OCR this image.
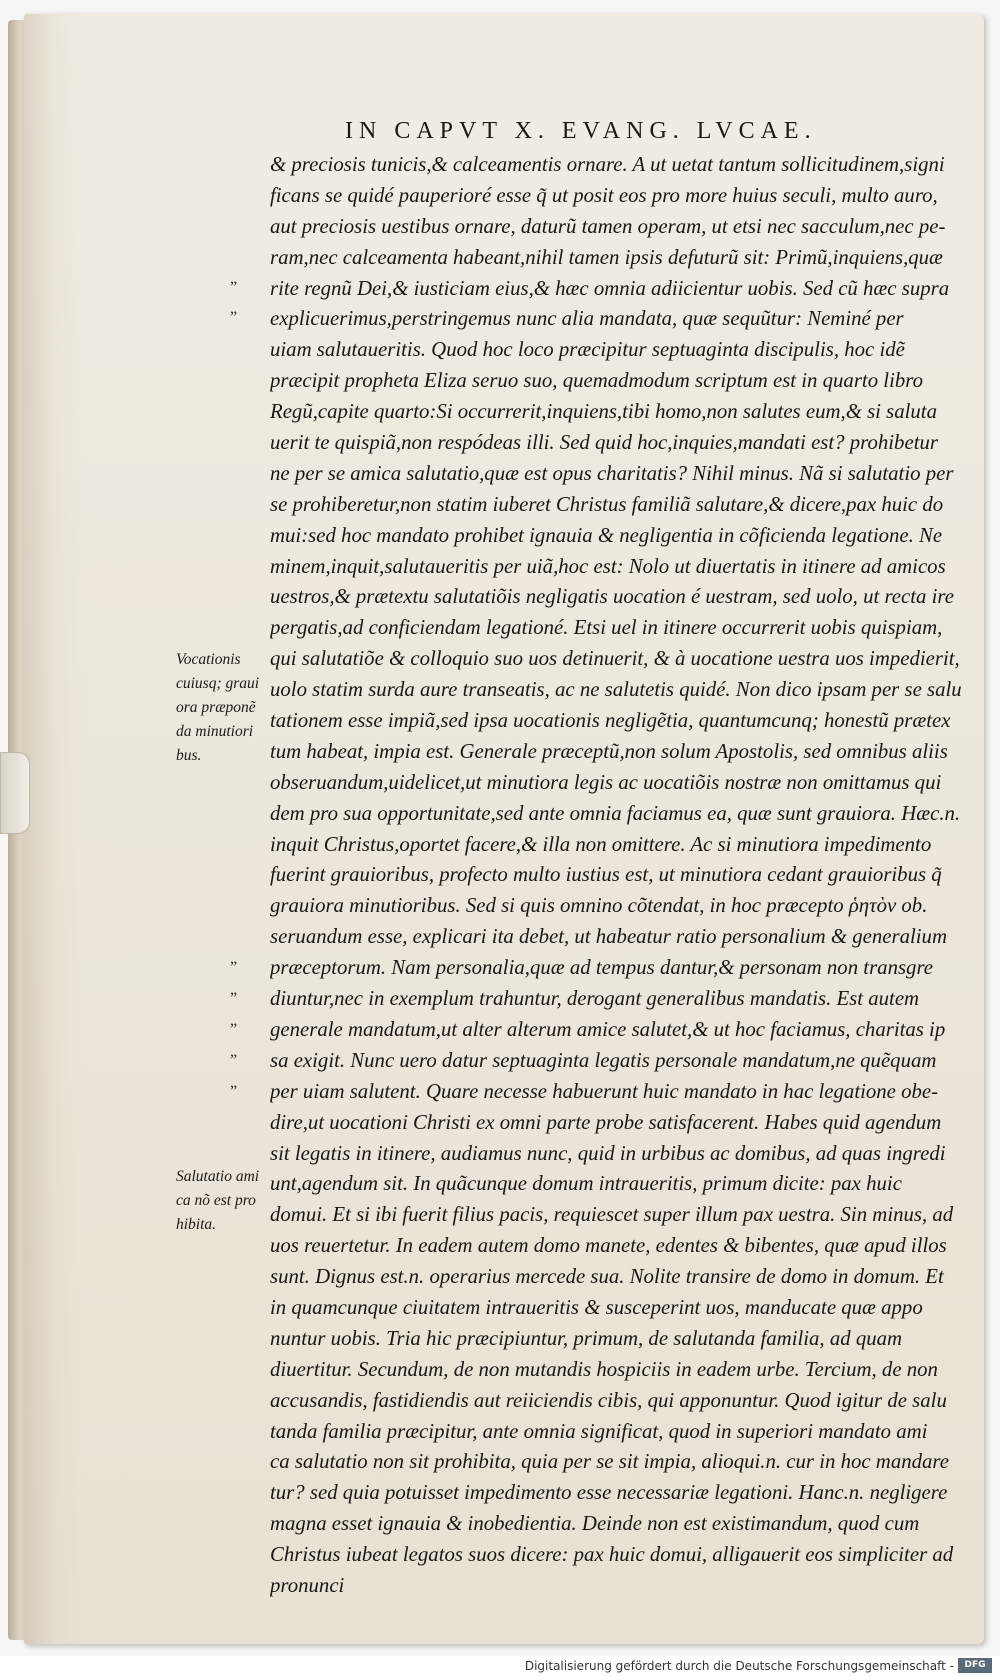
IN CAPVT X. EVANG. LVCAE.
& preciosis tunicis,& calceamentis ornare. A ut uetat tantum sollicitudinem,signi
ficans se quidé pauperioré esse q̃ ut posit eos pro more huius seculi, multo auro,
aut preciosis uestibus ornare, daturũ tamen operam, ut etsi nec sacculum,nec pe-
ram,nec calceamenta habeant,nihil tamen ipsis defuturũ sit: Primũ,inquiens,quæ
rite regnũ Dei,& iusticiam eius,& hæc omnia adiicientur uobis. Sed cũ hæc supra
explicuerimus,perstringemus nunc alia mandata, quæ sequũtur: Neminé per
uiam salutaueritis. Quod hoc loco præcipitur septuaginta discipulis, hoc idẽ
præcipit propheta Eliza seruo suo, quemadmodum scriptum est in quarto libro
Regũ,capite quarto:Si occurrerit,inquiens,tibi homo,non salutes eum,& si saluta
uerit te quispiã,non respódeas illi. Sed quid hoc,inquies,mandati est? prohibetur
ne per se amica salutatio,quæ est opus charitatis? Nihil minus. Nã si salutatio per
se prohiberetur,non statim iuberet Christus familiã salutare,& dicere,pax huic do
mui:sed hoc mandato prohibet ignauia & negligentia in cõficienda legatione. Ne
minem,inquit,salutaueritis per uiã,hoc est: Nolo ut diuertatis in itinere ad amicos
uestros,& prætextu salutatiõis negligatis uocation é uestram, sed uolo, ut recta ire
pergatis,ad conficiendam legationé. Etsi uel in itinere occurrerit uobis quispiam,
qui salutatiõe & colloquio suo uos detinuerit, & à uocatione uestra uos impedierit,
uolo statim surda aure transeatis, ac ne salutetis quidé. Non dico ipsam per se salu
tationem esse impiã,sed ipsa uocationis negligẽtia, quantumcunq; honestũ prætex
tum habeat, impia est. Generale præceptũ,non solum Apostolis, sed omnibus aliis
obseruandum,uidelicet,ut minutiora legis ac uocatiõis nostræ non omittamus qui
dem pro sua opportunitate,sed ante omnia faciamus ea, quæ sunt grauiora. Hæc.n.
inquit Christus,oportet facere,& illa non omittere. Ac si minutiora impedimento
fuerint grauioribus, profecto multo iustius est, ut minutiora cedant grauioribus q̃
grauiora minutioribus. Sed si quis omnino cõtendat, in hoc præcepto ῥητὸν ob.
seruandum esse, explicari ita debet, ut habeatur ratio personalium & generalium
præceptorum. Nam personalia,quæ ad tempus dantur,& personam non transgre
diuntur,nec in exemplum trahuntur, derogant generalibus mandatis. Est autem
generale mandatum,ut alter alterum amice salutet,& ut hoc faciamus, charitas ip
sa exigit. Nunc uero datur septuaginta legatis personale mandatum,ne quẽquam
per uiam salutent. Quare necesse habuerunt huic mandato in hac legatione obe-
dire,ut uocationi Christi ex omni parte probe satisfacerent. Habes quid agendum
sit legatis in itinere, audiamus nunc, quid in urbibus ac domibus, ad quas ingredi
unt,agendum sit. In quãcunque domum intraueritis, primum dicite: pax huic
domui. Et si ibi fuerit filius pacis, requiescet super illum pax uestra. Sin minus, ad
uos reuertetur. In eadem autem domo manete, edentes & bibentes, quæ apud illos
sunt. Dignus est.n. operarius mercede sua. Nolite transire de domo in domum. Et
in quamcunque ciuitatem intraueritis & susceperint uos, manducate quæ appo
nuntur uobis. Tria hic præcipiuntur, primum, de salutanda familia, ad quam
diuertitur. Secundum, de non mutandis hospiciis in eadem urbe. Tercium, de non
accusandis, fastidiendis aut reiiciendis cibis, qui apponuntur. Quod igitur de salu
tanda familia præcipitur, ante omnia significat, quod in superiori mandato ami
ca salutatio non sit prohibita, quia per se sit impia, alioqui.n. cur in hoc mandare
tur? sed quia potuisset impedimento esse necessariæ legationi. Hanc.n. negligere
magna esset ignauia & inobedientia. Deinde non est existimandum, quod cum
Christus iubeat legatos suos dicere: pax huic domui, alligauerit eos simpliciter ad
pronunci
„
„
„
„
„
„
„
Vocationis
cuiusq; graui
ora præponẽ
da minutiori
bus.
Salutatio ami
ca nõ est pro
hibita.
Digitalisierung gefördert durch die Deutsche Forschungsgemeinschaft -	DFG
